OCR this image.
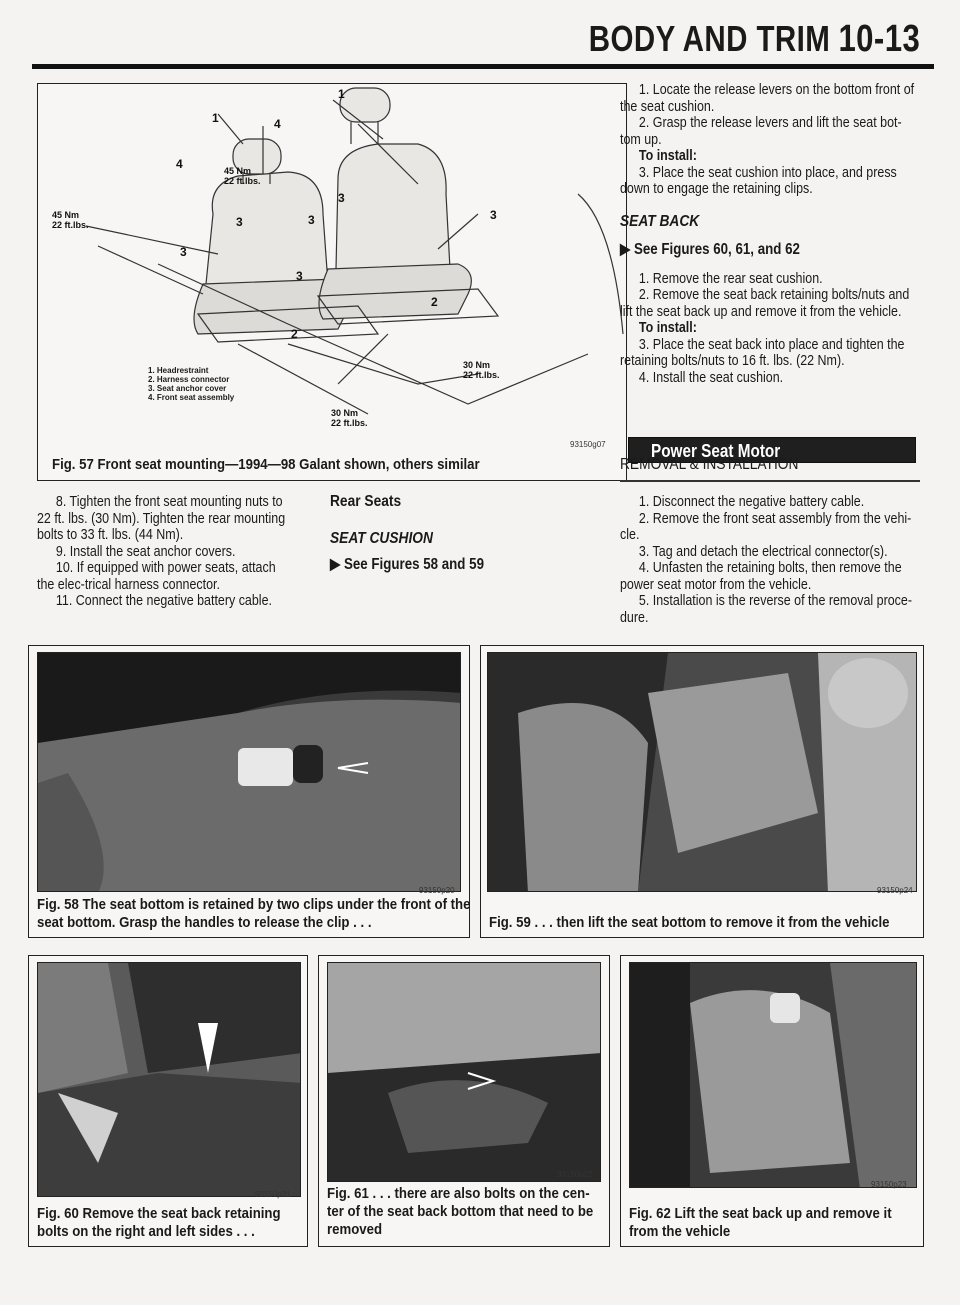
BODY AND TRIM 10-13
45 Nm
22 ft.lbs.
45 Nm
22 ft.lbs.
30 Nm
22 ft.lbs.
30 Nm
22 ft.lbs.
1
1	4
4
3	3
3
3
3
3
2
2
1. Headrestraint
2. Harness connector
3. Seat anchor cover
4. Front seat assembly
93150g07
Fig. 57 Front seat mounting—1994—98 Galant shown, others similar

1. Locate the release levers on the bottom front of the seat cushion.

2. Grasp the release levers and lift the seat bot-tom up.

To install:

3. Place the seat cushion into place, and press down to engage the retaining clips.

SEAT BACK

▶ See Figures 60, 61, and 62

1. Remove the rear seat cushion.

2. Remove the seat back retaining bolts/nuts and lift the seat back up and remove it from the vehicle.

To install:

3. Place the seat back into place and tighten the retaining bolts/nuts to 16 ft. lbs. (22 Nm).

4. Install the seat cushion.

Power Seat Motor
REMOVAL & INSTALLATION

1. Disconnect the negative battery cable.

2. Remove the front seat assembly from the vehi-cle.

3. Tag and detach the electrical connector(s).

4. Unfasten the retaining bolts, then remove the power seat motor from the vehicle.

5. Installation is the reverse of the removal proce-dure.

8. Tighten the front seat mounting nuts to 22 ft. lbs. (30 Nm). Tighten the rear mounting bolts to 33 ft. lbs. (44 Nm).

9. Install the seat anchor covers.

10. If equipped with power seats, attach the elec-trical harness connector.

11. Connect the negative battery cable.

Rear Seats

SEAT CUSHION

▶ See Figures 58 and 59

93150p20
Fig. 58 The seat bottom is retained by two clips under the front of the
seat bottom. Grasp the handles to release the clip . . .
93150p24
Fig. 59 . . . then lift the seat bottom to remove it from the vehicle
93150p21
Fig. 60 Remove the seat back retaining
bolts on the right and left sides . . .
93150p22
Fig. 61 . . . there are also bolts on the cen-
ter of the seat back bottom that need to be
removed
93150p23
Fig. 62 Lift the seat back up and remove it
from the vehicle
